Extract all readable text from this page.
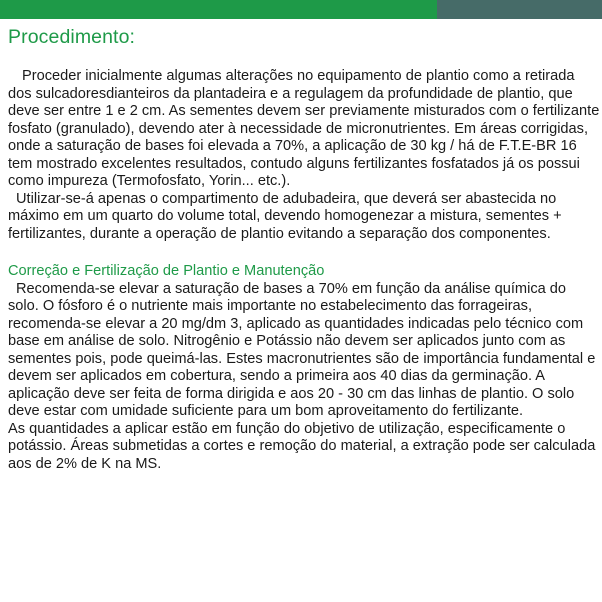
Procedimento:

Proceder inicialmente algumas alterações no equipamento de plantio como a retirada dos sulcadoresdianteiros da plantadeira e a regulagem da profundidade de plantio, que deve ser entre 1 e 2 cm. As sementes devem ser previamente misturados com o fertilizante fosfato (granulado), devendo ater à necessidade de micronutrientes. Em áreas corrigidas, onde a saturação de bases foi elevada a 70%, a aplicação de 30 kg / há de F.T.E-BR 16 tem mostrado excelentes resultados, contudo alguns fertilizantes fosfatados já os possui como impureza (Termofosfato, Yorin... etc.).

Utilizar-se-á apenas o compartimento de adubadeira, que deverá ser abastecida no máximo em um quarto do volume total, devendo homogenezar a mistura, sementes + fertilizantes, durante a operação de plantio evitando a separação dos componentes.

Correção e Fertilização de Plantio e Manutenção

Recomenda-se elevar a saturação de bases a 70% em função da análise química do solo. O fósforo é o nutriente mais importante no estabelecimento das forrageiras, recomenda-se elevar a 20 mg/dm 3, aplicado as quantidades indicadas pelo técnico com base em análise de solo. Nitrogênio e Potássio não devem ser aplicados junto com as sementes pois, pode queimá-las. Estes macronutrientes são de importância fundamental e devem ser aplicados em cobertura, sendo a primeira aos 40 dias da germinação. A aplicação deve ser feita de forma dirigida e aos 20 - 30 cm das linhas de plantio. O solo deve estar com umidade suficiente para um bom aproveitamento do fertilizante.

As quantidades a aplicar estão em função do objetivo de utilização, especificamente o potássio. Áreas submetidas a cortes e remoção do material, a extração pode ser calculada aos de 2% de K na MS.
